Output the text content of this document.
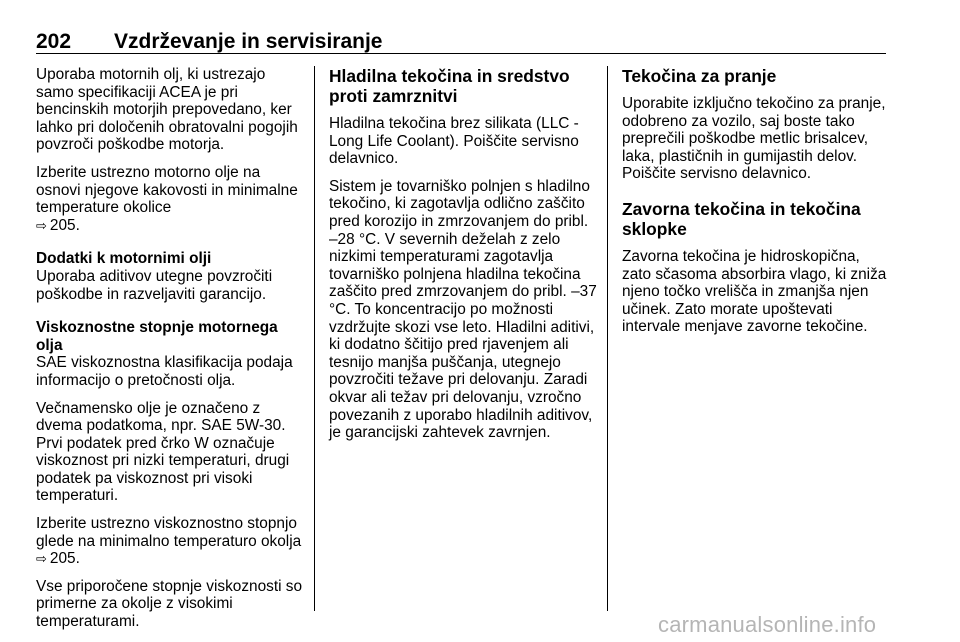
202 Vzdrževanje in servisiranje

Uporaba motornih olj, ki ustrezajo samo specifikaciji ACEA je pri bencinskih motorjih prepovedano, ker lahko pri določenih obratovalni pogojih povzroči poškodbe motorja.

Izberite ustrezno motorno olje na osnovi njegove kakovosti in minimalne temperature okolice
⇨ 205.

Dodatki k motornimi olji

Uporaba aditivov utegne povzročiti poškodbe in razveljaviti garancijo.

Viskoznostne stopnje motornega olja

SAE viskoznostna klasifikacija podaja informacijo o pretočnosti olja.

Večnamensko olje je označeno z dvema podatkoma, npr. SAE 5W-30. Prvi podatek pred črko W označuje viskoznost pri nizki temperaturi, drugi podatek pa viskoznost pri visoki temperaturi.

Izberite ustrezno viskoznostno stopnjo glede na minimalno temperaturo okolja ⇨ 205.

Vse priporočene stopnje viskoznosti so primerne za okolje z visokimi temperaturami.

Hladilna tekočina in sredstvo proti zamrznitvi

Hladilna tekočina brez silikata (LLC - Long Life Coolant). Poiščite servisno delavnico.

Sistem je tovarniško polnjen s hladilno tekočino, ki zagotavlja odlično zaščito pred korozijo in zmrzovanjem do pribl. –28 °C. V severnih deželah z zelo nizkimi temperaturami zagotavlja tovarniško polnjena hladilna tekočina zaščito pred zmrzovanjem do pribl. –37 °C. To koncentracijo po možnosti vzdržujte skozi vse leto. Hladilni aditivi, ki dodatno ščitijo pred rjavenjem ali tesnijo manjša puščanja, utegnejo povzročiti težave pri delovanju. Zaradi okvar ali težav pri delovanju, vzročno povezanih z uporabo hladilnih aditivov, je garancijski zahtevek zavrnjen.

Tekočina za pranje

Uporabite izključno tekočino za pranje, odobreno za vozilo, saj boste tako preprečili poškodbe metlic brisalcev, laka, plastičnih in gumijastih delov. Poiščite servisno delavnico.

Zavorna tekočina in tekočina sklopke

Zavorna tekočina je hidroskopična, zato sčasoma absorbira vlago, ki zniža njeno točko vrelišča in zmanjša njen učinek. Zato morate upoštevati intervale menjave zavorne tekočine.

carmanualsonline.info
